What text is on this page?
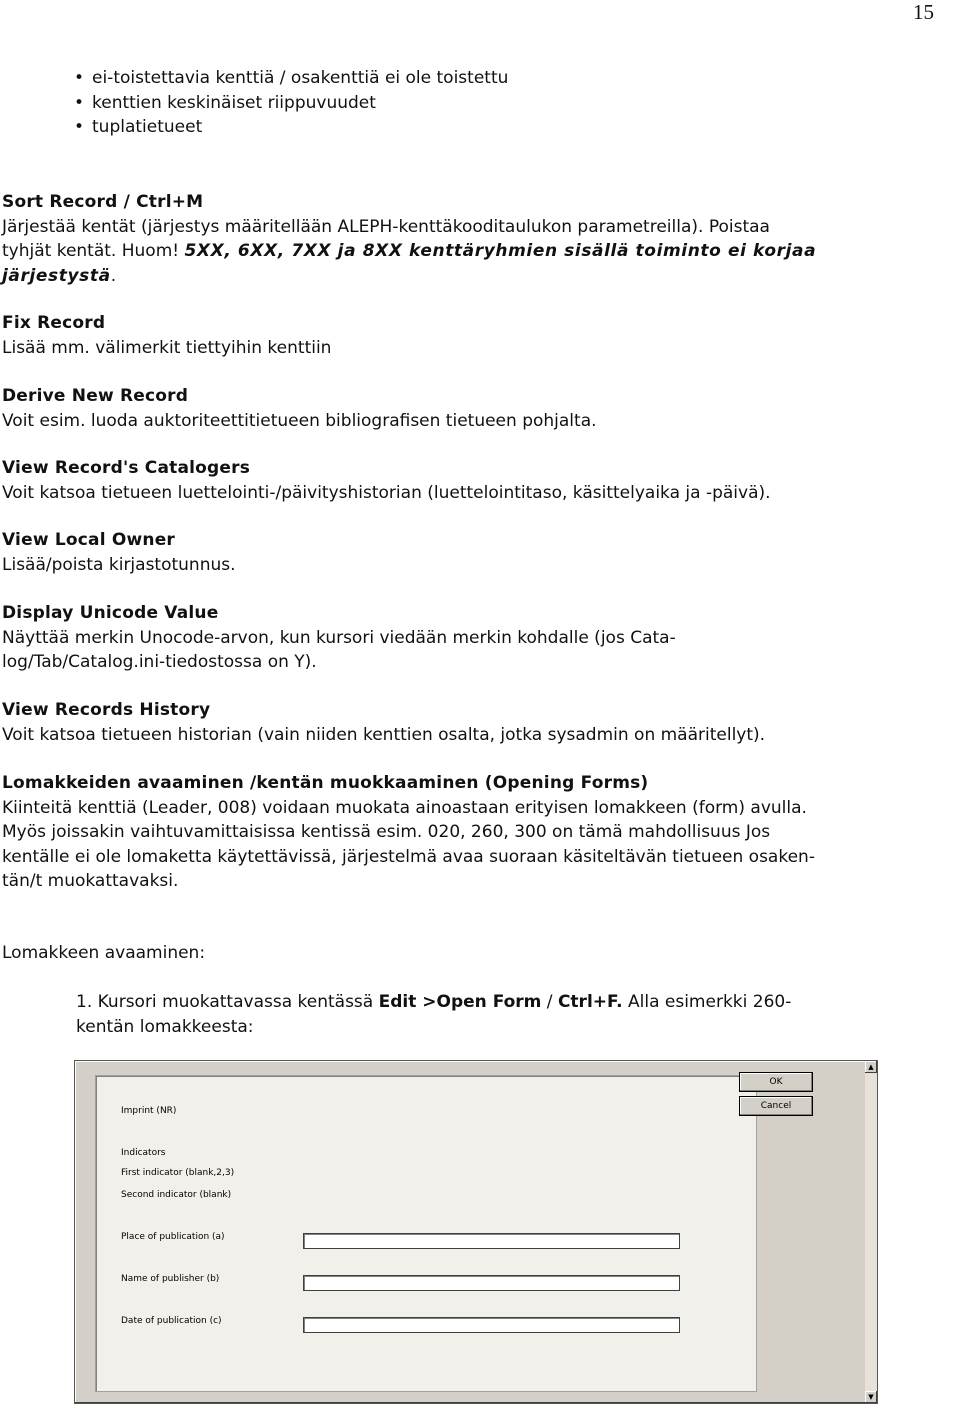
15
• ei-toistettavia kenttiä / osakenttiä ei ole toistettu
• kenttien keskinäiset riippuvuudet
• tuplatietueet
Sort Record / Ctrl+M
Järjestää kentät (järjestys määritellään ALEPH-kenttäkooditaulukon parametreilla). Poistaa
tyhjät kentät. Huom! 5XX, 6XX, 7XX ja 8XX kenttäryhmien sisällä toiminto ei korjaa
järjestystä.
Fix Record
Lisää mm. välimerkit tiettyihin kenttiin
Derive New Record
Voit esim. luoda auktoriteettitietueen bibliografisen tietueen pohjalta.
View Record's Catalogers
Voit katsoa tietueen luettelointi-/päivityshistorian (luettelointitaso, käsittelyaika ja -päivä).
View Local Owner
Lisää/poista kirjastotunnus.
Display Unicode Value
Näyttää merkin Unocode-arvon, kun kursori viedään merkin kohdalle (jos Cata-
log/Tab/Catalog.ini-tiedostossa on Y).
View Records History
Voit katsoa tietueen historian (vain niiden kenttien osalta, jotka sysadmin on määritellyt).
Lomakkeiden avaaminen /kentän muokkaaminen (Opening Forms)
Kiinteitä kenttiä (Leader, 008) voidaan muokata ainoastaan erityisen lomakkeen (form) avulla.
Myös joissakin vaihtuvamittaisissa kentissä esim. 020, 260, 300 on tämä mahdollisuus Jos
kentälle ei ole lomaketta käytettävissä, järjestelmä avaa suoraan käsiteltävän tietueen osaken-
tän/t muokattavaksi.
Lomakkeen avaaminen:
1. Kursori muokattavassa kentässä Edit >Open Form / Ctrl+F. Alla esimerkki 260-
kentän lomakkeesta:
Imprint (NR)
Indicators
First indicator (blank,2,3)
Second indicator (blank)
Place of publication (a)
Name of publisher (b)
Date of publication (c)
OK
Cancel
▲
▼
